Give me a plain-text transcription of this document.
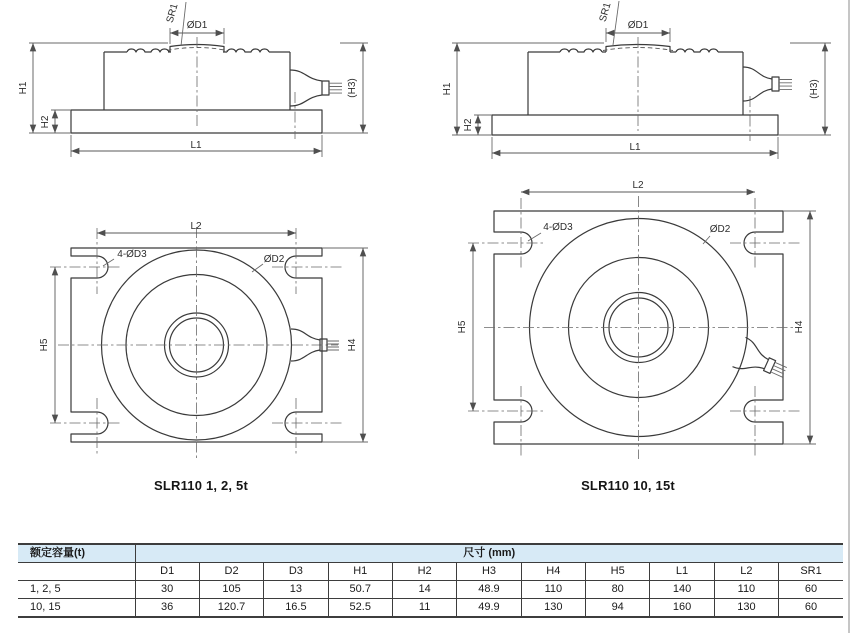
H1
H2
(H3)
L1
ØD1
SR1
H1
H2
(H3)
L1
ØD1
SR1
L2
H5	H4
4-ØD3	ØD2
L2
H5	H4
4-ØD3	ØD2
SLR110 1, 2, 5t	SLR110 10, 15t
额定容量(t)	尺寸 (mm)										
	D1	D2	D3	H1	H2	H3	H4	H5	L1	L2	SR1
1, 2, 5	30	105	13	50.7	14	48.9	110	80	140	110	60
10, 15	36	120.7	16.5	52.5	11	49.9	130	94	160	130	60
